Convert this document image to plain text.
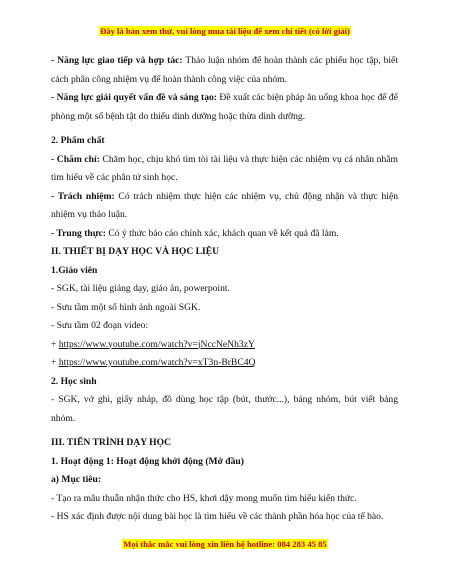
Đây là bản xem thử, vui lòng mua tài liệu để xem chi tiết (có lời giải)

- Năng lực giao tiếp và hợp tác: Thảo luận nhóm để hoàn thành các phiếu học tập, biết cách phân công nhiệm vụ để hoàn thành công việc của nhóm.

- Năng lực giải quyết vấn đề và sáng tạo: Đề xuất các biện pháp ăn uống khoa học để để phòng một số bệnh tật do thiếu dinh dưỡng hoặc thừa dinh dưỡng.

2. Phẩm chất

- Chăm chỉ: Chăm học, chịu khó tìm tòi tài liệu và thực hiện các nhiệm vụ cá nhân nhằm tìm hiểu về các phân tử sinh học.

- Trách nhiệm: Có trách nhiệm thực hiện các nhiệm vụ, chủ động nhận và thực hiện nhiệm vụ thảo luận.

- Trung thực: Có ý thức báo cáo chính xác, khách quan về kết quả đã làm.

II. THIẾT BỊ DẠY HỌC VÀ HỌC LIỆU

1.Giáo viên

- SGK, tài liệu giảng dạy, giáo án, powerpoint.

- Sưu tầm một số hình ảnh ngoài SGK.

- Sưu tầm 02 đoạn video:

+ https://www.youtube.com/watch?v=jNccNeNh3zY

+ https://www.youtube.com/watch?v=xT3n-BrBC4Q

2. Học sinh

- SGK, vở ghi, giấy nháp, đồ dùng học tập (bút, thước...), bảng nhóm, bút viết bảng nhóm.

III. TIẾN TRÌNH DẠY HỌC

1. Hoạt động 1: Hoạt động khởi động (Mở đầu)

a) Mục tiêu:

- Tạo ra mâu thuẫn nhận thức cho HS, khơi dậy mong muốn tìm hiểu kiến thức.

- HS xác định được nội dung bài học là tìm hiểu về các thành phần hóa học của tế bào.

Mọi thắc mắc vui lòng xin liên hệ hotline: 084 283 45 85
